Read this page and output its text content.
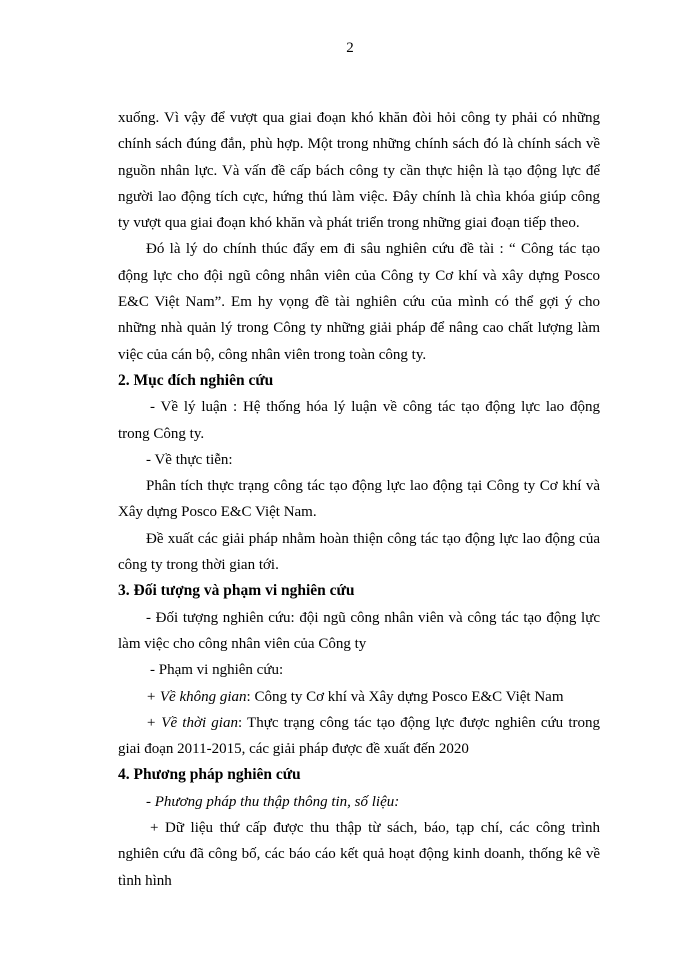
2

xuống. Vì vậy để vượt qua giai đoạn khó khăn đòi hỏi công ty phải có những chính sách đúng đắn, phù hợp. Một trong những chính sách đó là chính sách về nguồn nhân lực. Và vấn đề cấp bách công ty cần thực hiện là tạo động lực để người lao động tích cực, hứng thú làm việc. Đây chính là chìa khóa giúp công ty vượt qua giai đoạn khó khăn và phát triển trong những giai đoạn tiếp theo.

Đó là lý do chính thúc đẩy em đi sâu nghiên cứu đề tài : “ Công tác tạo động lực cho đội ngũ công nhân viên của Công ty Cơ khí và xây dựng Posco E&C Việt Nam”. Em hy vọng đề tài nghiên cứu của mình có thể gợi ý cho những nhà quản lý trong Công ty những giải pháp để nâng cao chất lượng làm việc của cán bộ, công nhân viên trong toàn công ty.

2. Mục đích nghiên cứu

- Về lý luận : Hệ thống hóa lý luận về công tác tạo động lực lao động trong Công ty.

- Về thực tiễn:

Phân tích thực trạng công tác tạo động lực lao động tại Công ty Cơ khí và Xây dựng Posco E&C Việt Nam.

Đề xuất các giải pháp nhằm hoàn thiện công tác tạo động lực lao động của công ty trong thời gian tới.

3. Đối tượng và phạm vi nghiên cứu

- Đối tượng nghiên cứu: đội ngũ công nhân viên và công tác tạo động lực làm việc cho công nhân viên của Công ty

- Phạm vi nghiên cứu:

+ Về không gian: Công ty Cơ khí và Xây dựng Posco E&C Việt Nam

+ Về thời gian: Thực trạng công tác tạo động lực được nghiên cứu trong giai đoạn 2011-2015, các giải pháp được đề xuất đến 2020

4. Phương pháp nghiên cứu

- Phương pháp thu thập thông tin, số liệu:

+ Dữ liệu thứ cấp được thu thập từ sách, báo, tạp chí, các công trình nghiên cứu đã công bố, các báo cáo kết quả hoạt động kinh doanh, thống kê về tình hình
